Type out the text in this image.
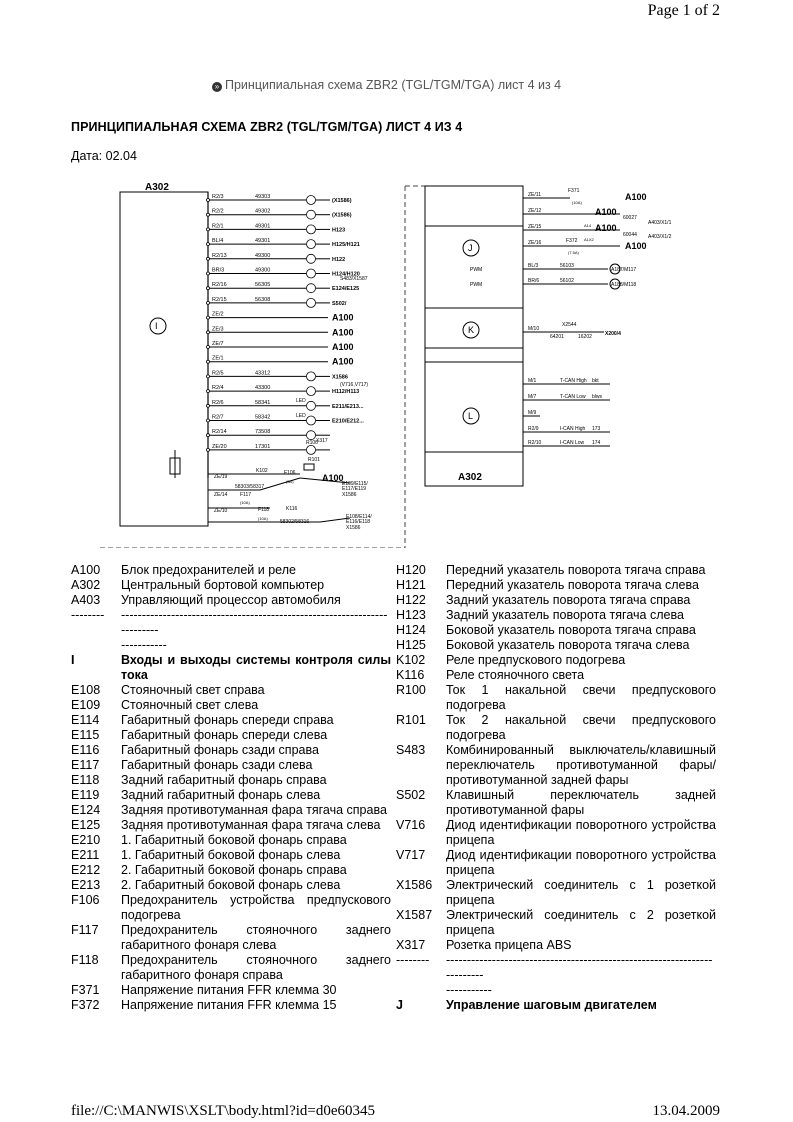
Page 1 of 2
» Принципиальная схема ZBR2 (TGL/TGM/TGA) лист 4 из 4
ПРИНЦИПИАЛЬНАЯ СХЕМА ZBR2 (TGL/TGM/TGA) ЛИСТ 4 ИЗ 4
Дата: 02.04
A302
I
R2/3	49303
(X1586)
R2/2	49302
(X1586)
R2/1	49301
H123
BL/4	49301
H125/H121
R2/13	49300
H122
BR/3	49300
H124/H120
R2/16	56305
E124/E125
R2/15	56308
S502/
ZE/2	A100
ZE/3	A100
ZE/7	A100
ZE/1	A100
R2/5	43312
X1586
R2/4	43300
H112/H113
R2/6	58341
E211/E213...
R2/7	58342
E210/E212...
R2/14	73508
ZE/20	17301
X317
R100
R101
ZE/19
K102	F106
(5A)
58303/58317
A100
E109/E115/
E117/E119
X1586
ZE/14	F117
(10A)
K116
ZE/10	F118
(10A)
58302/58316
E108/E114/
E116/E118
X1586
S483/X1587
(V716,V717)
LED
LED
A302
J
K
L
ZE/11
F371
(10A)
A100
ZE/12	A100
60027
A403/X1/1
ZE/15	A14 A100
60044 A403/X1/2
ZE/16	F372
(7.5A)
A1X2
A100
PWM
PWM
BL/3	56103
A187/M117
BR/6	56102
A188/M118
M/10
X2544
64201	16202	X200/4
M/1	T-CAN High bkt
M/7	T-CAN Low blws
M/9
R2/9	I-CAN High 173
R2/10	I-CAN Low 174
A100	Блок предохранителей и реле
A302	Центральный бортовой компьютер
A403	Управляющий процессор автомобиля
--------	-------------------------------------------------------------------------
-----------
I	Входы и выходы системы контроля силы тока
E108	Стояночный свет справа
E109	Стояночный свет слева
E114	Габаритный фонарь спереди справа
E115	Габаритный фонарь спереди слева
E116	Габаритный фонарь сзади справа
E117	Габаритный фонарь сзади слева
E118	Задний габаритный фонарь справа
E119	Задний габаритный фонарь слева
E124	Задняя противотуманная фара тягача справа
E125	Задняя противотуманная фара тягача слева
E210	1. Габаритный боковой фонарь справа
E211	1. Габаритный боковой фонарь слева
E212	2. Габаритный боковой фонарь справа
E213	2. Габаритный боковой фонарь слева
F106	Предохранитель устройства предпускового подогрева
F117	Предохранитель стояночного заднего габаритного фонаря слева
F118	Предохранитель стояночного заднего габаритного фонаря справа
F371	Напряжение питания FFR клемма 30
F372	Напряжение питания FFR клемма 15
H120	Передний указатель поворота тягача справа
H121	Передний указатель поворота тягача слева
H122	Задний указатель поворота тягача справа
H123	Задний указатель поворота тягача слева
H124	Боковой указатель поворота тягача справа
H125	Боковой указатель поворота тягача слева
K102	Реле предпускового подогрева
K116	Реле стояночного света
R100	Ток 1 накальной свечи предпускового подогрева
R101	Ток 2 накальной свечи предпускового подогрева
S483	Комбинированный выключатель/клавишный переключатель противотуманной фары/противотуманной задней фары
S502	Клавишный переключатель задней противотуманной фары
V716	Диод идентификации поворотного устройства прицепа
V717	Диод идентификации поворотного устройства прицепа
X1586	Электрический соединитель с 1 розеткой прицепа
X1587	Электрический соединитель с 2 розеткой прицепа
X317	Розетка прицепа ABS
--------	-------------------------------------------------------------------------
-----------
J	Управление шаговым двигателем
file://C:\MANWIS\XSLT\body.html?id=d0e60345	13.04.2009
